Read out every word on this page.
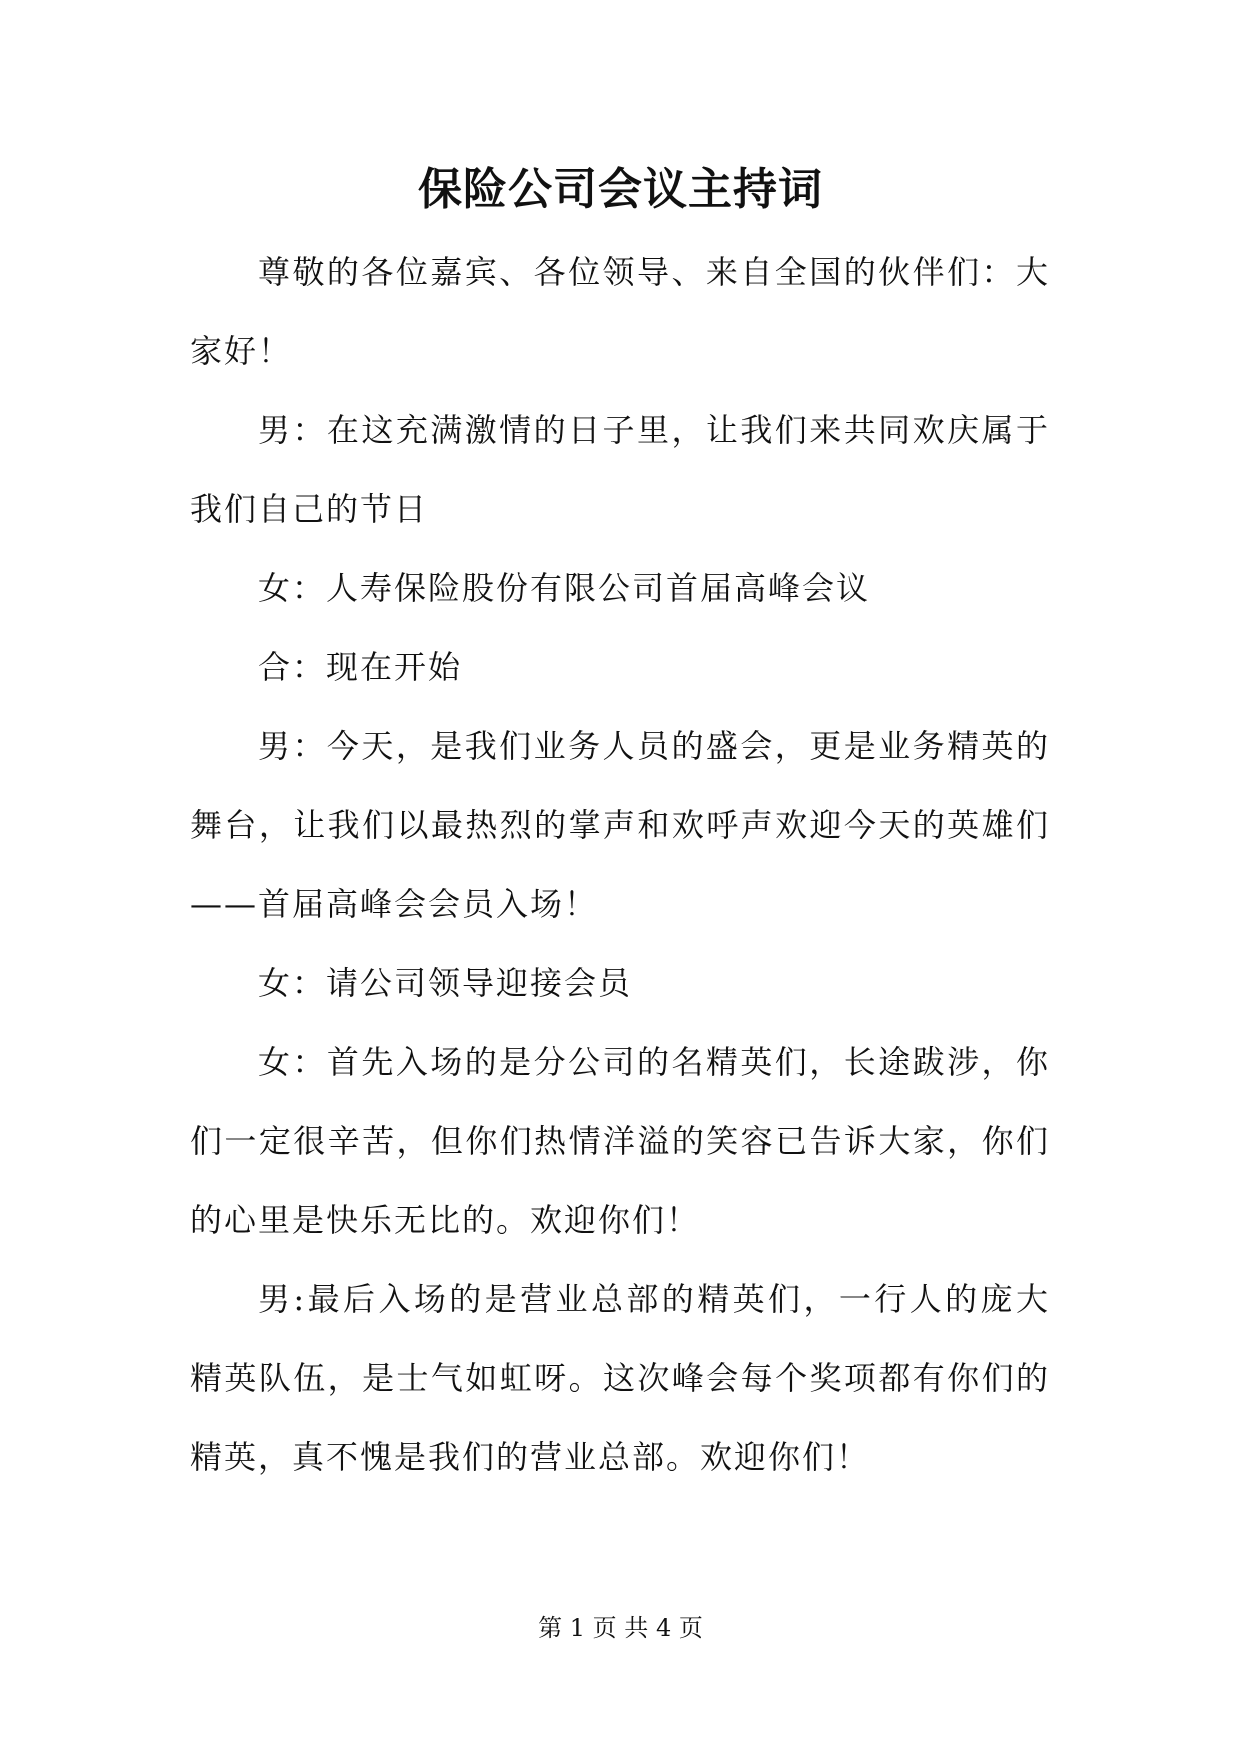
保险公司会议主持词

尊敬的各位嘉宾、各位领导、来自全国的伙伴们：大家好！

男：在这充满激情的日子里，让我们来共同欢庆属于我们自己的节日

女：人寿保险股份有限公司首届高峰会议

合：现在开始

男：今天，是我们业务人员的盛会，更是业务精英的舞台，让我们以最热烈的掌声和欢呼声欢迎今天的英雄们——首届高峰会会员入场！

女：请公司领导迎接会员

女：首先入场的是分公司的名精英们，长途跋涉，你们一定很辛苦，但你们热情洋溢的笑容已告诉大家，你们的心里是快乐无比的。欢迎你们！

男:最后入场的是营业总部的精英们，一行人的庞大精英队伍，是士气如虹呀。这次峰会每个奖项都有你们的精英，真不愧是我们的营业总部。欢迎你们！

第 1 页 共 4 页
